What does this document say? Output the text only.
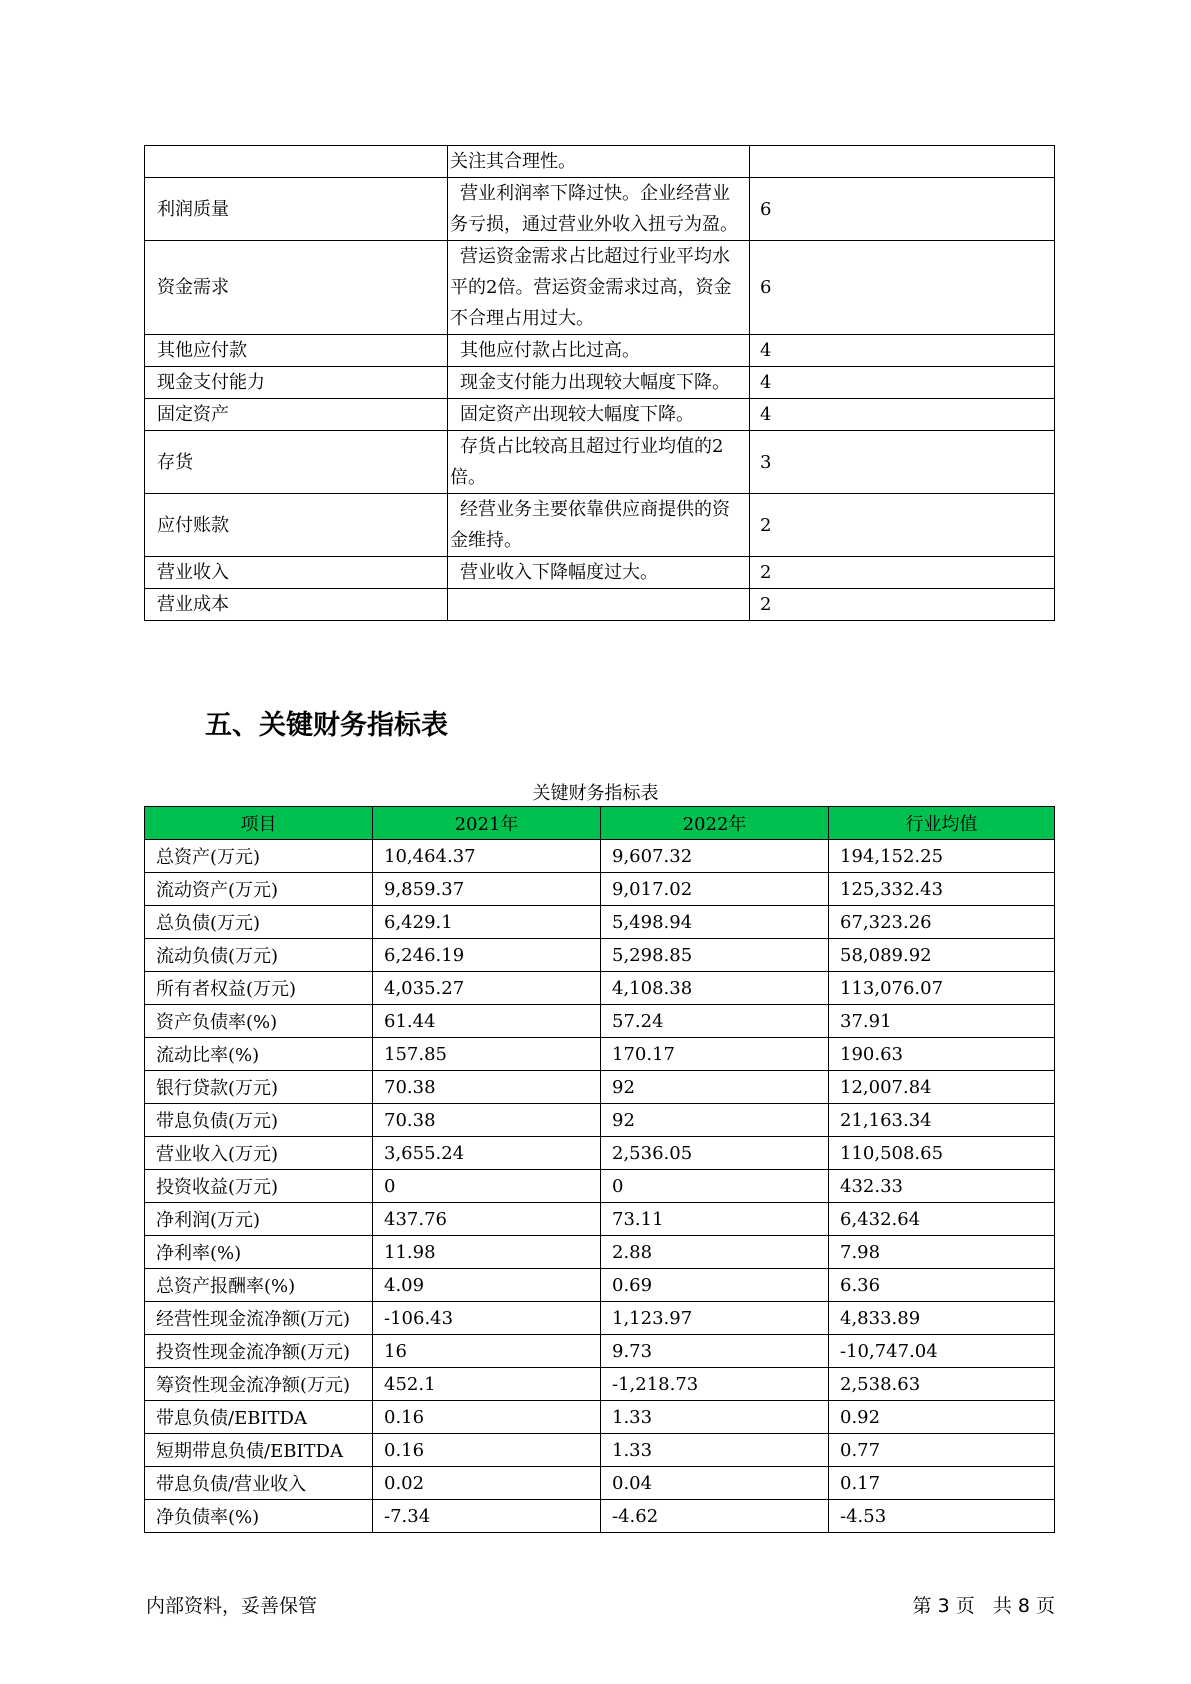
	关注其合理性。	

利润质量	营业利润率下降过快。企业经营业务亏损，通过营业外收入扭亏为盈。	6
资金需求	营运资金需求占比超过行业平均水平的2倍。营运资金需求过高，资金不合理占用过大。	6
其他应付款	其他应付款占比过高。	4
现金支付能力	现金支付能力出现较大幅度下降。	4
固定资产	固定资产出现较大幅度下降。	4
存货	存货占比较高且超过行业均值的2倍。	3
应付账款	经营业务主要依靠供应商提供的资金维持。	2
营业收入	营业收入下降幅度过大。	2
营业成本		2
五、关键财务指标表
关键财务指标表
项目	2021年	2022年	行业均值
总资产(万元)	10,464.37	9,607.32	194,152.25
流动资产(万元)	9,859.37	9,017.02	125,332.43
总负债(万元)	6,429.1	5,498.94	67,323.26
流动负债(万元)	6,246.19	5,298.85	58,089.92
所有者权益(万元)	4,035.27	4,108.38	113,076.07
资产负债率(%)	61.44	57.24	37.91
流动比率(%)	157.85	170.17	190.63
银行贷款(万元)	70.38	92	12,007.84
带息负债(万元)	70.38	92	21,163.34
营业收入(万元)	3,655.24	2,536.05	110,508.65
投资收益(万元)	0	0	432.33
净利润(万元)	437.76	73.11	6,432.64
净利率(%)	11.98	2.88	7.98
总资产报酬率(%)	4.09	0.69	6.36
经营性现金流净额(万元)	-106.43	1,123.97	4,833.89
投资性现金流净额(万元)	16	9.73	-10,747.04
筹资性现金流净额(万元)	452.1	-1,218.73	2,538.63
带息负债/EBITDA	0.16	1.33	0.92
短期带息负债/EBITDA	0.16	1.33	0.77
带息负债/营业收入	0.02	0.04	0.17
净负债率(%)	-7.34	-4.62	-4.53
内部资料，妥善保管	第 3 页   共 8 页
